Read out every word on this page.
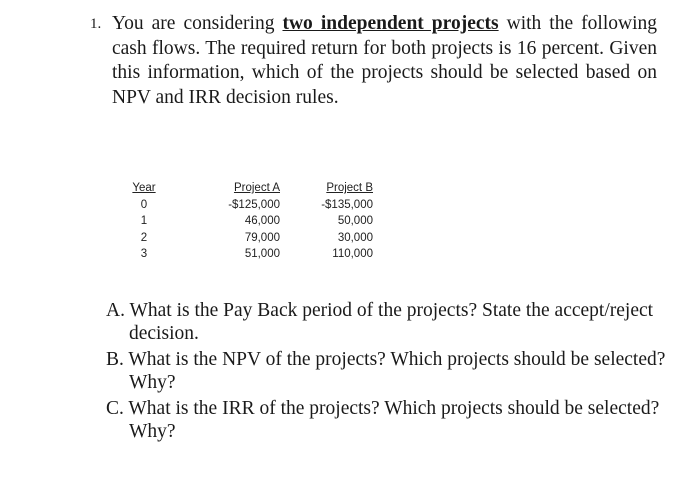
1. You are considering two independent projects with the following cash flows. The required return for both projects is 16 percent. Given this information, which of the projects should be selected based on NPV and IRR decision rules.
Year		Project A		Project B
0		-$125,000		-$135,000
1		46,000		50,000
2		79,000		30,000
3		51,000		110,000
A. What is the Pay Back period of the projects? State the accept/reject decision.
B. What is the NPV of the projects? Which projects should be selected? Why?
C. What is the IRR of the projects? Which projects should be selected? Why?
